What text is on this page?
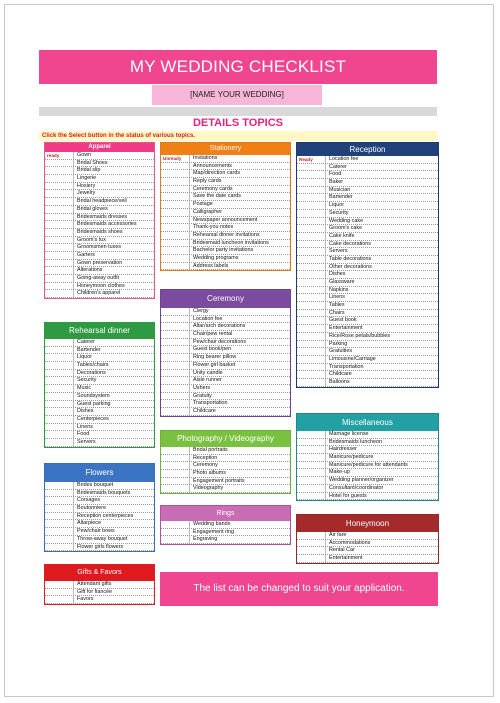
MY WEDDING CHECKLIST
[NAME YOUR WEDDING]
DETAILS TOPICS
Click the Select button in the status of various topics.
Apparel
ready	Gown
Bridal Shoes
Bridal slip
Lingerie
Hosiery
Jewelry
Bridal headpiece/veil
Bridal gloves
Bridesmaids dresses
Bridesmaids accessories
Bridesmaids shoes
Groom's tux
Groomsmen tuxes
Garters
Gown preservation
Alterations
Going-away outfit
Honeymoon clothes
Children's apparel
Rehearsal dinner
Caterer
Bartender
Liquor
Tables/chairs
Decorations
Security
Music
Soundsystem
Guest parking
Dishes
Centerpieces
Linens
Food
Servers
Flowers
Brides bouquet
Bridesmaids bouquets
Corsages
Boutonniere
Reception centerpieces
Altarpiece
Pew/chair bows
Throw-away bouquet
Flower girls flowers
Gifts & Favors
Attendant gifts
Gift for fiancée
Favors
Stationery
Unready	Invitations
Announcements
Map/direction cards
Reply cards
Ceremony cards
Save the date cards
Postage
Calligrapher
Newspaper announcement
Thank-you notes
Rehearsal dinner invitations
Bridesmaid luncheon invitations
Bachelor party invitations
Wedding programs
Address labels
Ceremony
Clergy
Location fee
Altar/arch decorations
Chair/pew rental
Pew/chair decorations
Guest book/pen
Ring bearer pillow
Flower girl basket
Unity candle
Aisle runner
Ushers
Gratuity
Transportation
Childcare
Photography / Videography
Bridal portraits
Reception
Ceremony
Photo albums
Engagement portraits
Videography
Rings
Wedding bands
Engagement ring
Engraving
Reception
Ready	Location fee
Caterer
Food
Baker
Musician
Bartender
Liquor
Security
Wedding cake
Groom's cake
Cake knife
Cake decorations
Servers
Table decorations
Other decorations
Dishes
Glassware
Napkins
Linens
Tables
Chairs
Guest book
Entertainment
Rice/Rose petals/bubbles
Parking
Gratuities
Limousine/Carriage
Transportation
Childcare
Balloons
Miscellaneous
Marriage license
Bridesmaids luncheon
Hairdresser
Manicure/pedicure
Manicure/pedicure for attendants
Make-up
Wedding planner/organizer
Consultant/coordinator
Hotel for guests
Honeymoon
Air fare
Accommodations
Rental Car
Entertainment
The list can be changed to suit your application.
